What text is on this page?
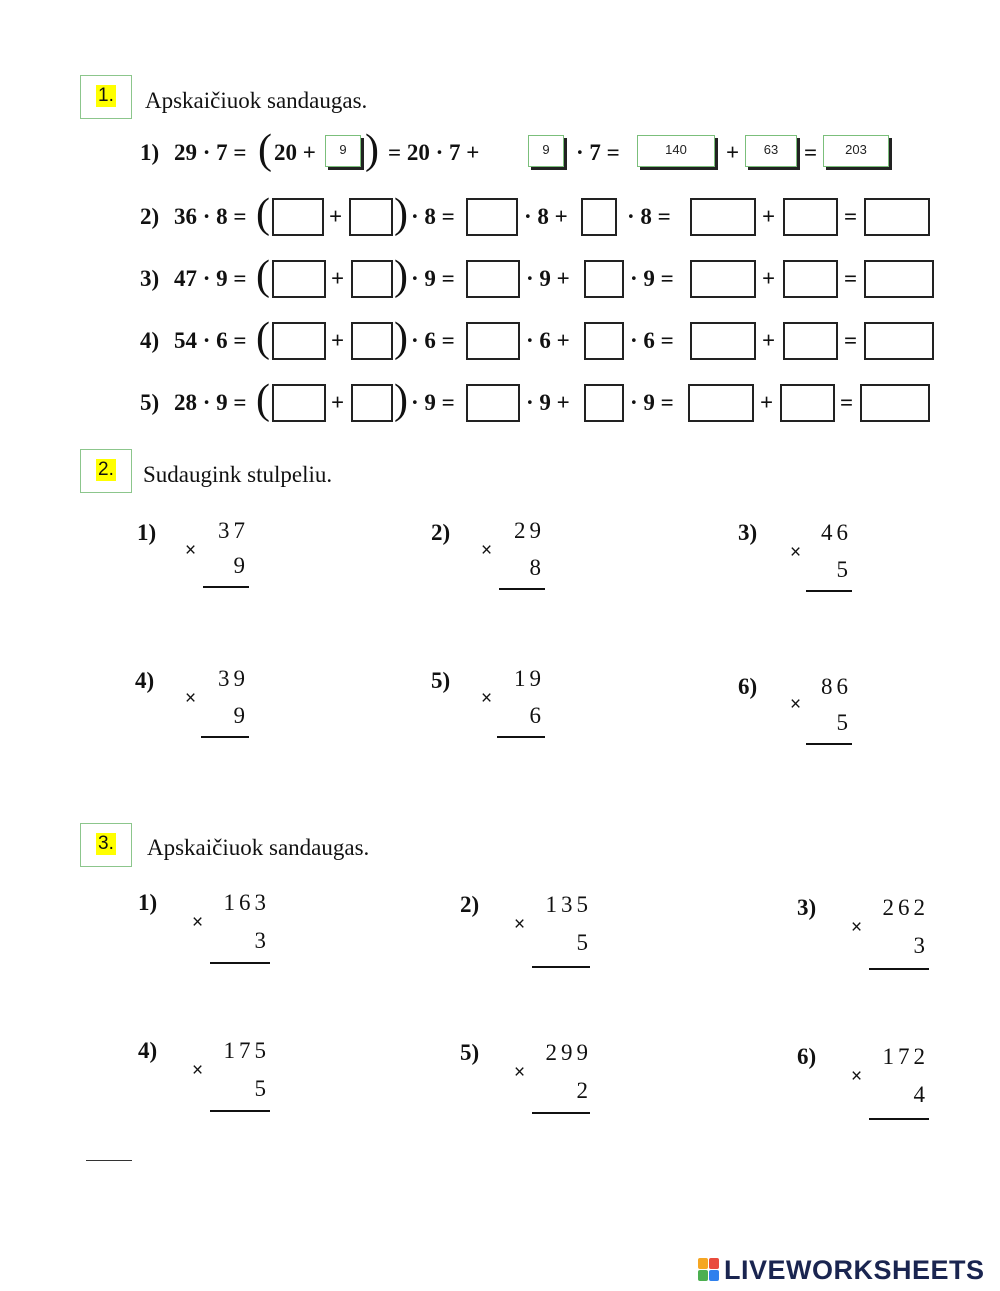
1. Apskaičiuok sandaugas.
1) 29 · 7 = ( 20 +	9 ) = 20 · 7 +	9	· 7 =	140	+	63	=	203
2) 36 · 8 = (	+ ) · 8 =	· 8 +	· 8 =	+	=
3) 47 · 9 = (	+ ) · 9 =	· 9 +	· 9 =	+	=
4) 54 · 6 = (	+ ) · 6 =	· 6 +	· 6 =	+	=
5) 28 · 9 = (	+ ) · 9 =	· 9 +	· 9 =	+	=
2. Sudaugink stulpeliu.
1)
×
37
9
2)
×
29
8
3)
×
46
5
4)
×
39
9
5)
×
19
6
6)
×
86
5
3. Apskaičiuok sandaugas.
1)
×
163
3
2)
×
135
5
3)
×
262
3
4)
×
175
5
5)
×
299
2
6)
×
172
4
LIVEWORKSHEETS
